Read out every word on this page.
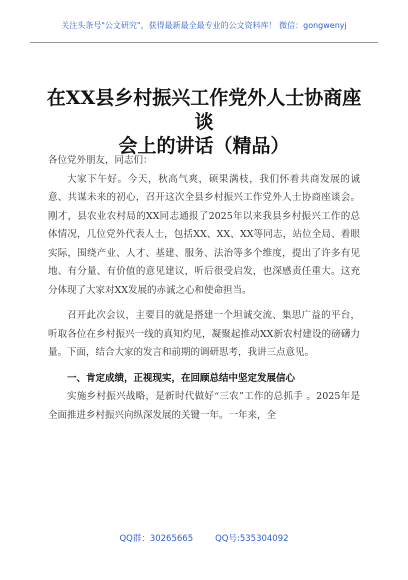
关注头条号"公文研究"，获得最新最全最专业的公文资料库！ 微信：gongwenyj
在XX县乡村振兴工作党外人士协商座谈
会上的讲话（精品）

各位党外朋友，同志们：

大家下午好。今天，秋高气爽，硕果满枝，我们怀着共商发展的诚意、共谋未来的初心，召开这次全县乡村振兴工作党外人士协商座谈会。刚才，县农业农村局的XX同志通报了2025年以来我县乡村振兴工作的总体情况，几位党外代表人士，包括XX、XX、XX等同志，站位全局、着眼实际，围绕产业、人才、基建、服务、法治等多个维度，提出了许多有见地、有分量、有价值的意见建议，听后很受启发，也深感责任重大。这充分体现了大家对XX发展的赤诚之心和使命担当。

召开此次会议，主要目的就是搭建一个坦诚交流、集思广益的平台，听取各位在乡村振兴一线的真知灼见，凝聚起推动XX新农村建设的磅礴力量。下面，结合大家的发言和前期的调研思考，我讲三点意见。

一、肯定成绩，正视现实，在回顾总结中坚定发展信心

实施乡村振兴战略，是新时代做好“三农”工作的总抓手 。2025年是全面推进乡村振兴向纵深发展的关键一年。一年来，全

QQ群：30265665	QQ号:535304092
